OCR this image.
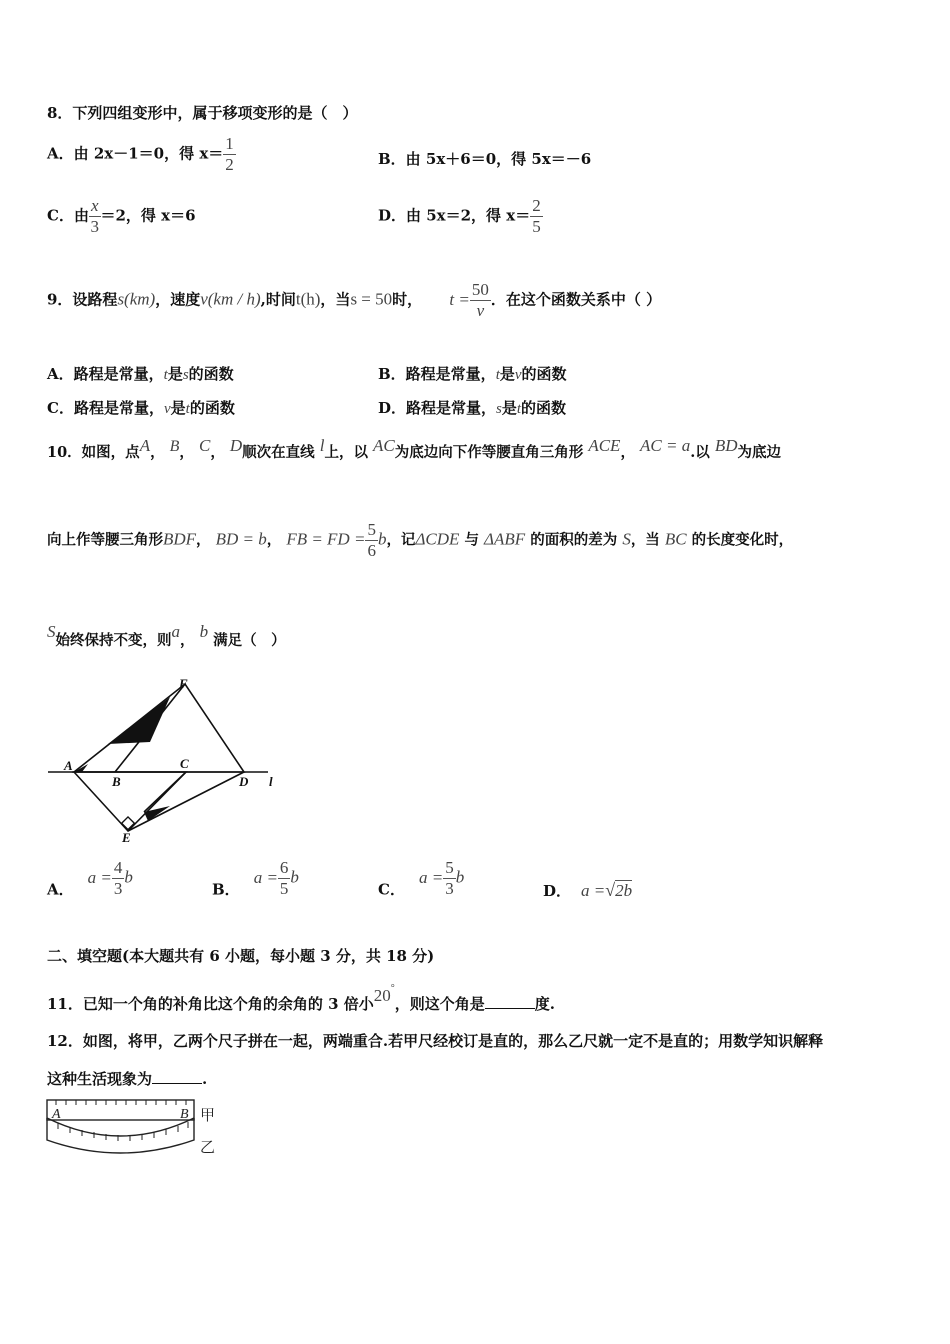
8．下列四组变形中，属于移项变形的是（　）
A．由 2x－1＝0，得 $x= \frac{1}{2}$	B．由 5x＋6＝0，得 5x＝－6
C．由 $\frac{x}{3} =2$，得 x＝6	D．由 5x＝2，得 $x= \frac{2}{5}$
9．设路程s(km)，速度v(km / h),时间t(h)，当s = 50时， $t = \frac{50}{v}$ ．在这个函数关系中（ ）
A．路程是常量，t是s的函数	B．路程是常量，t是v的函数
C．路程是常量，v是t的函数	D．路程是常量，s是t的函数
10．如图，点A， B， C， D顺次在直线 l上，以 AC为底边向下作等腰直角三角形 ACE， AC = a.以 BD为底边
向上作等腰三角形BDF， BD = b， FB = FD = $\frac{5}{6}$ b，记ΔCDE 与 ΔABF 的面积的差为 S，当 BC 的长度变化时，
S始终保持不变，则a， b 满足（　）
F
A
B
C
D l
E
A．$a = \frac{4}{3}$ b
B．$a = \frac{6}{5}$ b
C．$a = \frac{5}{3}$ b
D． a =√2b
二、填空题(本大题共有 6 小题，每小题 3 分，共 18 分)
11．已知一个角的补角比这个角的余角的 3 倍小20°，则这个角是	度.
12．如图，将甲，乙两个尺子拼在一起，两端重合.若甲尺经校订是直的，那么乙尺就一定不是直的；用数学知识解释
这种生活现象为	.
A	B 甲
乙
